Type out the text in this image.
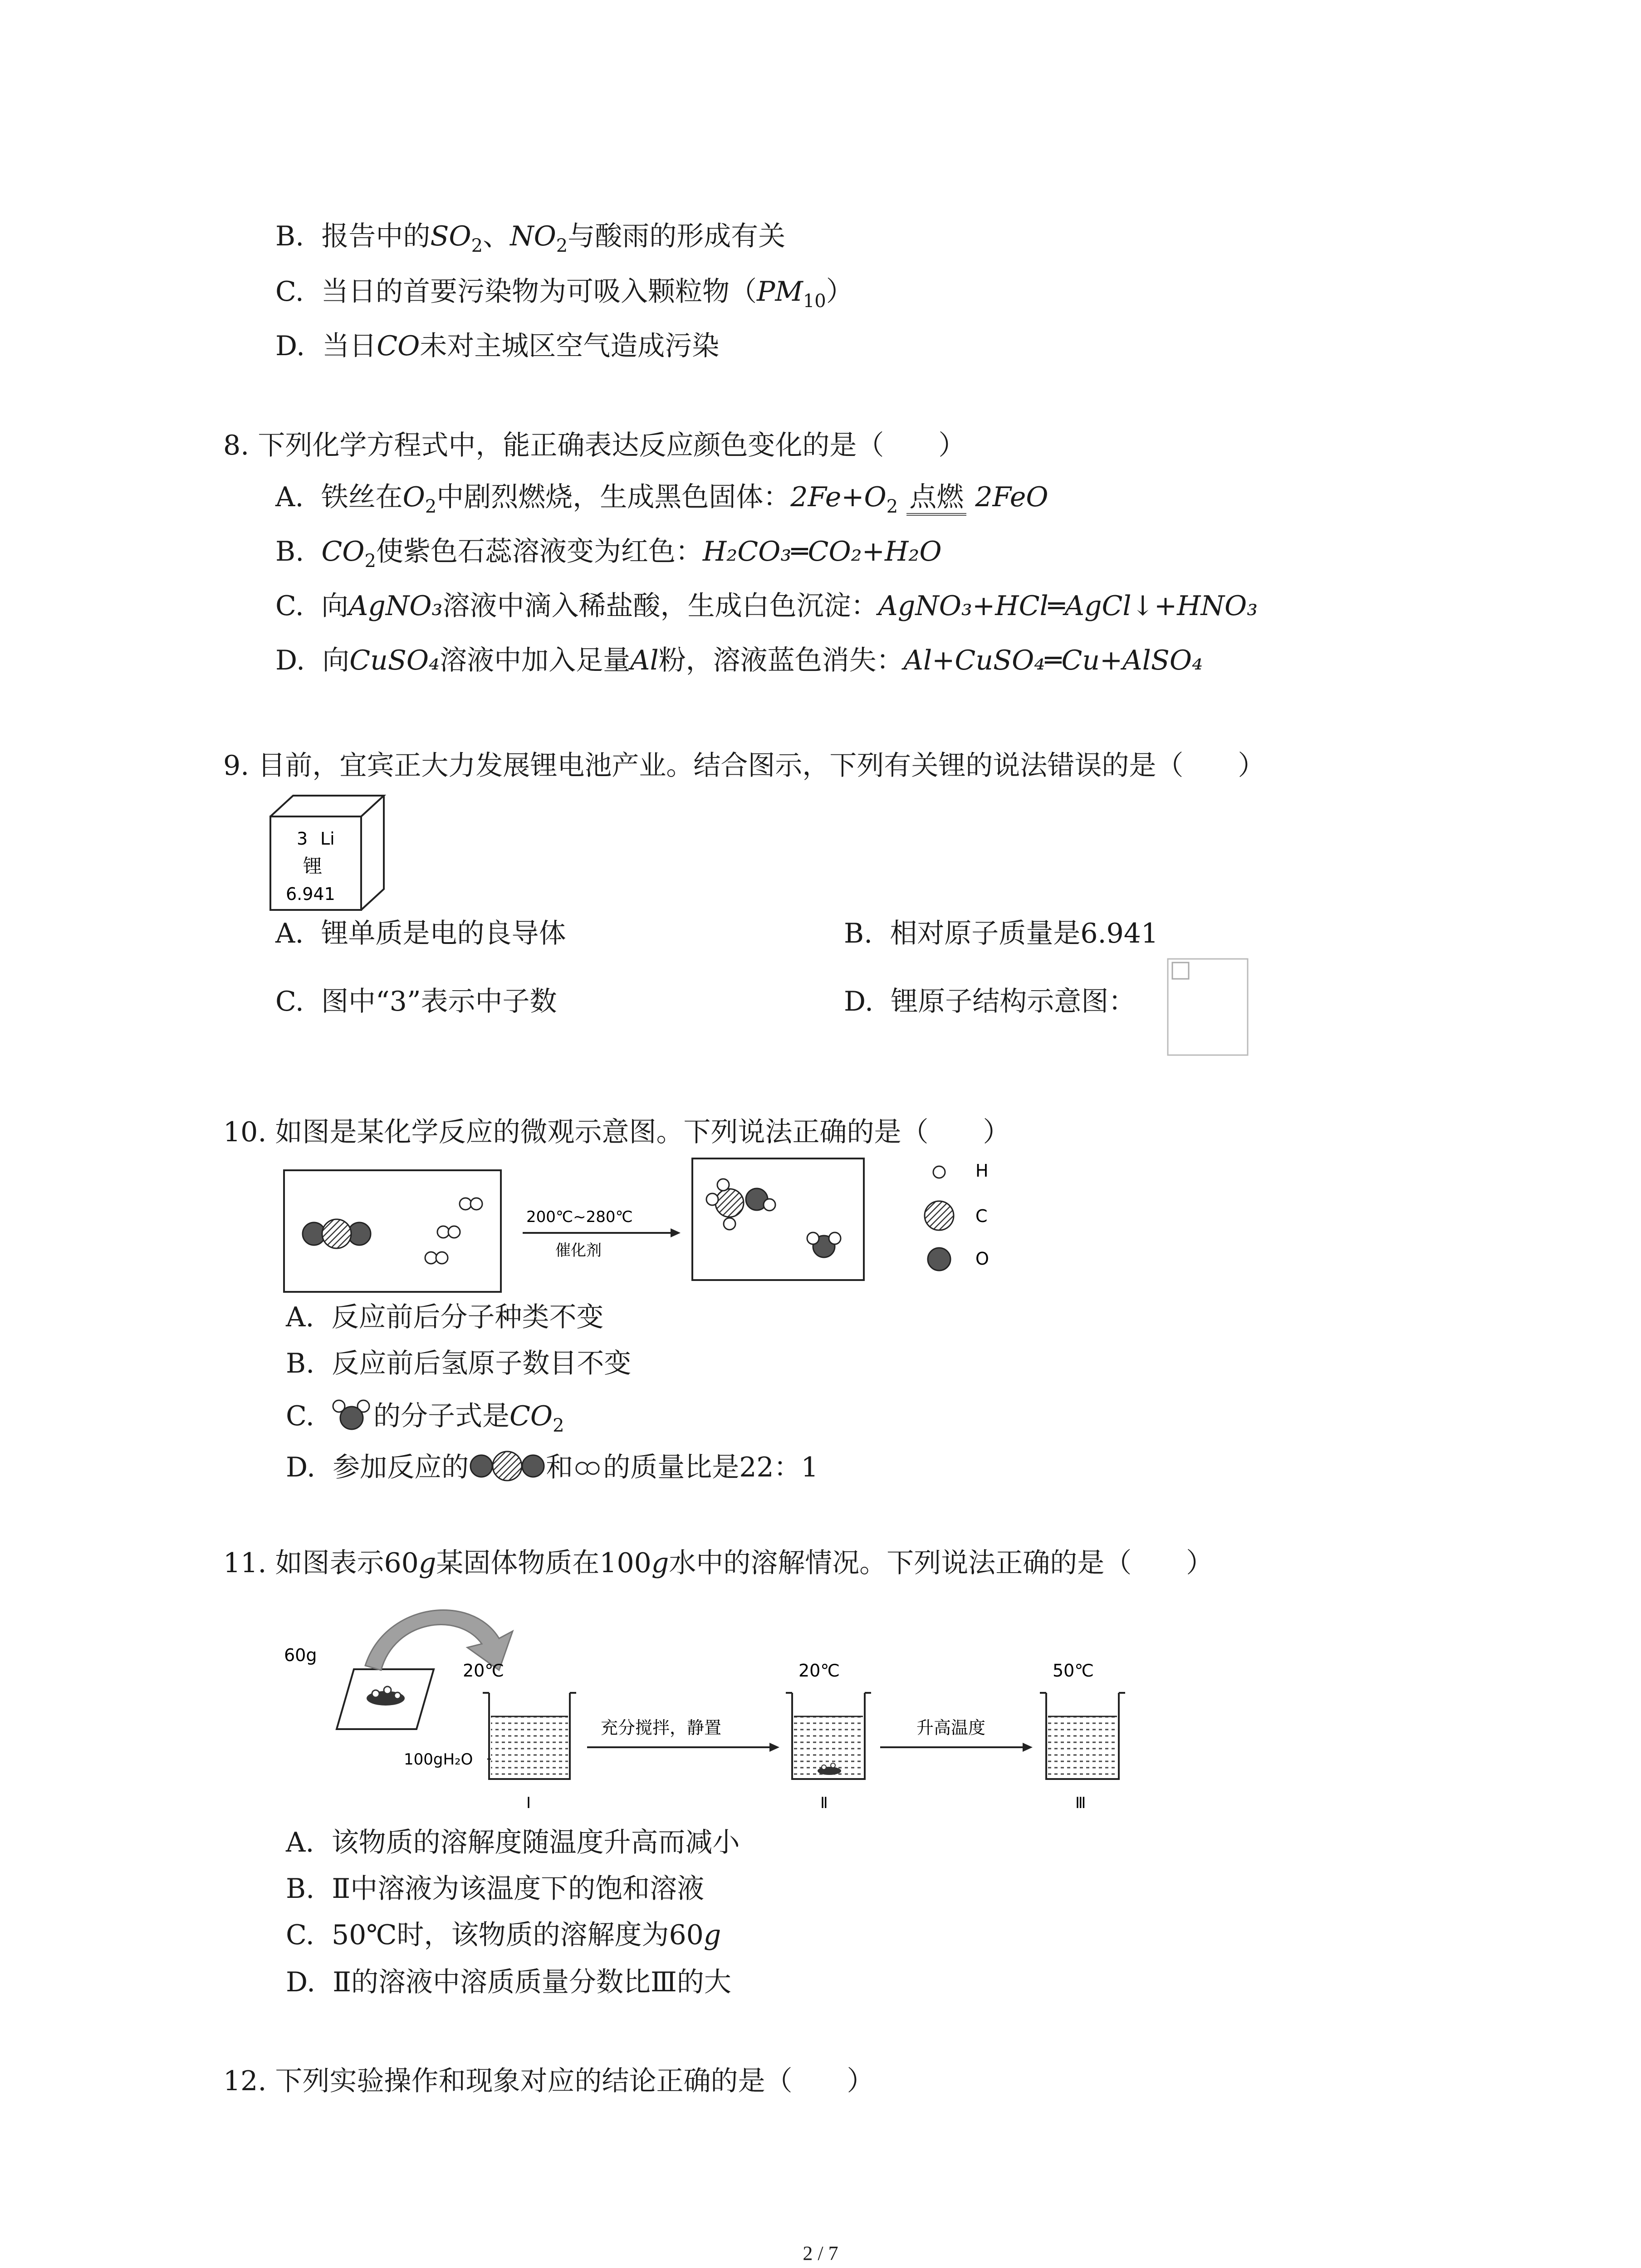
B. 报告中的$SO_2$、$NO_2$与酸雨的形成有关
C. 当日的首要污染物为可吸入颗粒物$(PM_{10})$
D. 当日CO未对主城区空气造成污染
8. 下列化学方程式中，能正确表达反应颜色变化的是（　　）
A. 铁丝在$O_2$中剧烈燃烧，生成黑色固体：$2Fe+O_2$ 点燃 2FeO
B. $CO_2$使紫色石蕊溶液变为红色：H₂CO₃═CO₂+H₂O
C. 向AgNO₃溶液中滴入稀盐酸，生成白色沉淀：AgNO₃+HCl═AgCl↓+HNO₃
D. 向CuSO₄溶液中加入足量Al粉，溶液蓝色消失：Al+CuSO₄═Cu+AlSO₄
9. 目前，宜宾正大力发展锂电池产业。结合图示，下列有关锂的说法错误的是（　　）
3 Li
锂
6.941
A. 锂单质是电的良导体	B. 相对原子质量是6.941
C. 图中“3”表示中子数	D. 锂原子结构示意图：
10. 如图是某化学反应的微观示意图。下列说法正确的是（　　）
200℃~280℃
催化剂
H
C
O
A. 反应前后分子种类不变
B. 反应前后氢原子数目不变
C. 的分子式是$CO_2$
D. 参加反应的	和 的质量比是22：1
11. 如图表示60g某固体物质在100g水中的溶解情况。下列说法正确的是（　　）
60g
20℃
100gH₂O
Ⅰ
充分搅拌，静置
20℃
Ⅱ
升高温度
50℃
Ⅲ
A. 该物质的溶解度随温度升高而减小
B. Ⅱ中溶液为该温度下的饱和溶液
C. 50℃时，该物质的溶解度为60g
D. Ⅱ的溶液中溶质质量分数比Ⅲ的大
12. 下列实验操作和现象对应的结论正确的是（　　）
2 / 7
